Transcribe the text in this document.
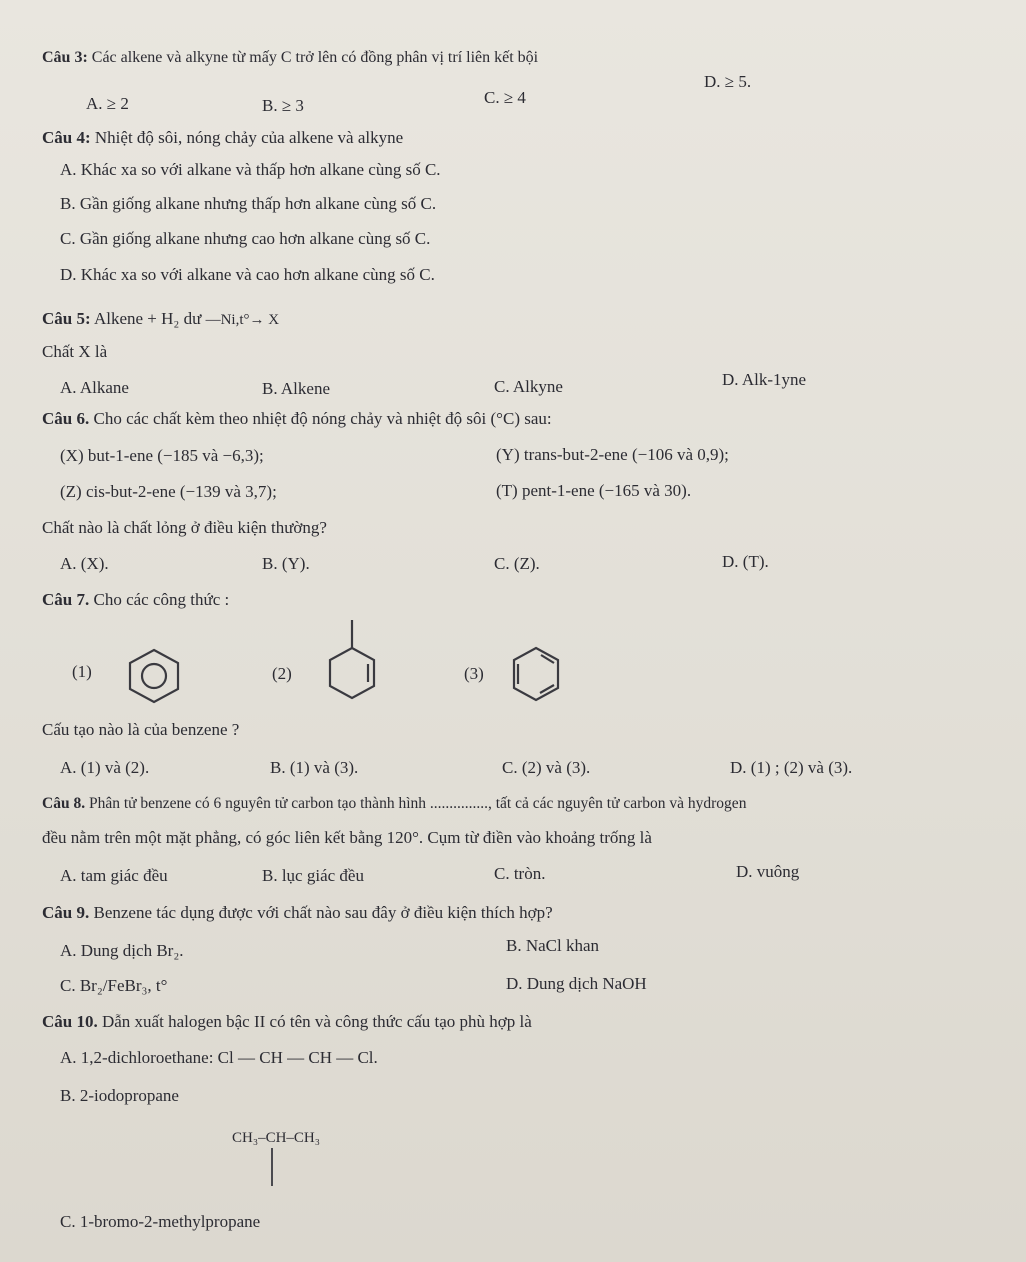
Câu 3: Các alkene và alkyne từ mấy C trở lên có đồng phân vị trí liên kết bội
D. ≥ 5.
A. ≥ 2	B. ≥ 3	C. ≥ 4
Câu 4: Nhiệt độ sôi, nóng chảy của alkene và alkyne
A. Khác xa so với alkane và thấp hơn alkane cùng số C.
B. Gần giống alkane nhưng thấp hơn alkane cùng số C.
C. Gần giống alkane nhưng cao hơn alkane cùng số C.
D. Khác xa so với alkane và cao hơn alkane cùng số C.
Câu 5: Alkene + H₂ dư —Ni,t°→ X
Chất X là
A. Alkane	B. Alkene	C. Alkyne	D. Alk-1yne
Câu 6. Cho các chất kèm theo nhiệt độ nóng chảy và nhiệt độ sôi (°C) sau:
(X) but-1-ene (−185 và −6,3);	(Y) trans-but-2-ene (−106 và 0,9);
(Z) cis-but-2-ene (−139 và 3,7);	(T) pent-1-ene (−165 và 30).
Chất nào là chất lỏng ở điều kiện thường?
A. (X).	B. (Y).	C. (Z).	D. (T).
Câu 7. Cho các công thức :
(1)	(2)	(3)
Cấu tạo nào là của benzene ?
A. (1) và (2).	B. (1) và (3).	C. (2) và (3).	D. (1) ; (2) và (3).
Câu 8. Phân tử benzene có 6 nguyên tử carbon tạo thành hình ..............., tất cả các nguyên tử carbon và hydrogen
đều nằm trên một mặt phẳng, có góc liên kết bằng 120°. Cụm từ điền vào khoảng trống là
A. tam giác đều	B. lục giác đều	C. tròn.	D. vuông
Câu 9. Benzene tác dụng được với chất nào sau đây ở điều kiện thích hợp?
A. Dung dịch Br₂.	B. NaCl khan
C. Br₂/FeBr₃, t°	D. Dung dịch NaOH
Câu 10. Dẫn xuất halogen bậc II có tên và công thức cấu tạo phù hợp là
A. 1,2-dichloroethane: Cl — CH — CH — Cl.
B. 2-iodopropane
CH₃–CH–CH₃
C. 1-bromo-2-methylpropane
